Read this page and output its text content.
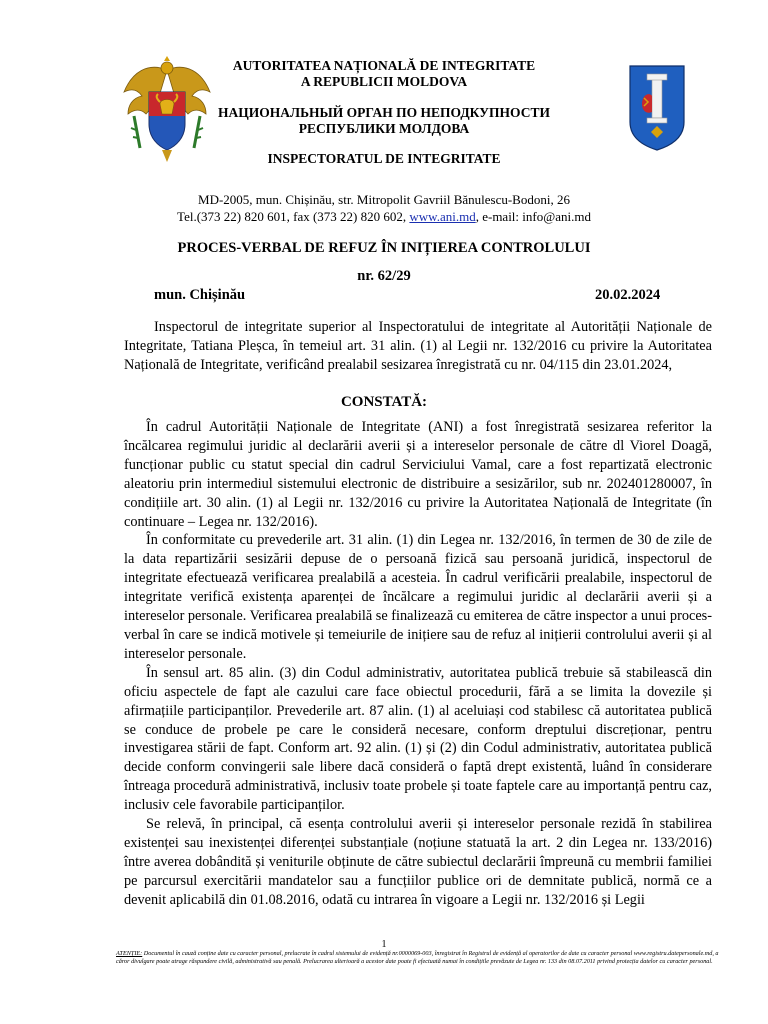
AUTORITATEA NAȚIONALĂ DE INTEGRITATE
A REPUBLICII MOLDOVA
НАЦИОНАЛЬНЫЙ ОРГАН ПО НЕПОДКУПНОСТИ
РЕСПУБЛИКИ МОЛДОВА
INSPECTORATUL DE INTEGRITATE
MD-2005, mun. Chișinău, str. Mitropolit Gavriil Bănulescu-Bodoni, 26
Tel.(373 22) 820 601, fax (373 22) 820 602, www.ani.md, e-mail: info@ani.md
PROCES-VERBAL DE REFUZ ÎN INIȚIEREA CONTROLULUI
nr. 62/29
mun. Chișinău	20.02.2024
Inspectorul de integritate superior al Inspectoratului de integritate al Autorității Naționale de Integritate, Tatiana Pleșca, în temeiul art. 31 alin. (1) al Legii nr. 132/2016 cu privire la Autoritatea Națională de Integritate, verificând prealabil sesizarea înregistrată cu nr. 04/115 din 23.01.2024,
CONSTATĂ:

În cadrul Autorității Naționale de Integritate (ANI) a fost înregistrată sesizarea referitor la încălcarea regimului juridic al declarării averii și a intereselor personale de către dl Viorel Doagă, funcționar public cu statut special din cadrul Serviciului Vamal, care a fost repartizată electronic aleatoriu prin intermediul sistemului electronic de distribuire a sesizărilor, sub nr. 202401280007, în condițiile art. 30 alin. (1) al Legii nr. 132/2016 cu privire la Autoritatea Națională de Integritate (în continuare – Legea nr. 132/2016).

În conformitate cu prevederile art. 31 alin. (1) din Legea nr. 132/2016, în termen de 30 de zile de la data repartizării sesizării depuse de o persoană fizică sau persoană juridică, inspectorul de integritate efectuează verificarea prealabilă a acesteia. În cadrul verificării prealabile, inspectorul de integritate verifică existența aparenței de încălcare a regimului juridic al declarării averii și a intereselor personale. Verificarea prealabilă se finalizează cu emiterea de către inspector a unui proces-verbal în care se indică motivele și temeiurile de inițiere sau de refuz al inițierii controlului averii și al intereselor personale.

În sensul art. 85 alin. (3) din Codul administrativ, autoritatea publică trebuie să stabilească din oficiu aspectele de fapt ale cazului care face obiectul procedurii, fără a se limita la dovezile și afirmațiile participanților. Prevederile art. 87 alin. (1) al aceluiași cod stabilesc că autoritatea publică se conduce de probele pe care le consideră necesare, conform dreptului discreționar, pentru investigarea stării de fapt. Conform art. 92 alin. (1) și (2) din Codul administrativ, autoritatea publică decide conform convingerii sale libere dacă consideră o faptă drept existentă, luând în considerare întreaga procedură administrativă, inclusiv toate probele și toate faptele care au importanță pentru caz, inclusiv cele favorabile participanților.

Se relevă, în principal, că esența controlului averii și intereselor personale rezidă în stabilirea existenței sau inexistenței diferenței substanțiale (noțiune statuată la art. 2 din Legea nr. 133/2016) între averea dobândită și veniturile obținute de către subiectul declarării împreună cu membrii familiei pe parcursul exercitării mandatelor sau a funcțiilor publice ori de demnitate publică, normă ce a devenit aplicabilă din 01.08.2016, odată cu intrarea în vigoare a Legii nr. 132/2016 și Legii

1
ATENȚIE: Documentul în cauză conține date cu caracter personal, prelucrate în cadrul sistemului de evidență nr.0000069-003, înregistrat în Registrul de evidență al operatorilor de date cu caracter personal www.registru.datepersonale.md, a căror divulgare poate atrage răspundere civilă, administrativă sau penală. Prelucrarea ulterioară a acestor date poate fi efectuată numai în condițiile prevăzute de Legea nr. 133 din 08.07.2011 privind protecția datelor cu caracter personal.
